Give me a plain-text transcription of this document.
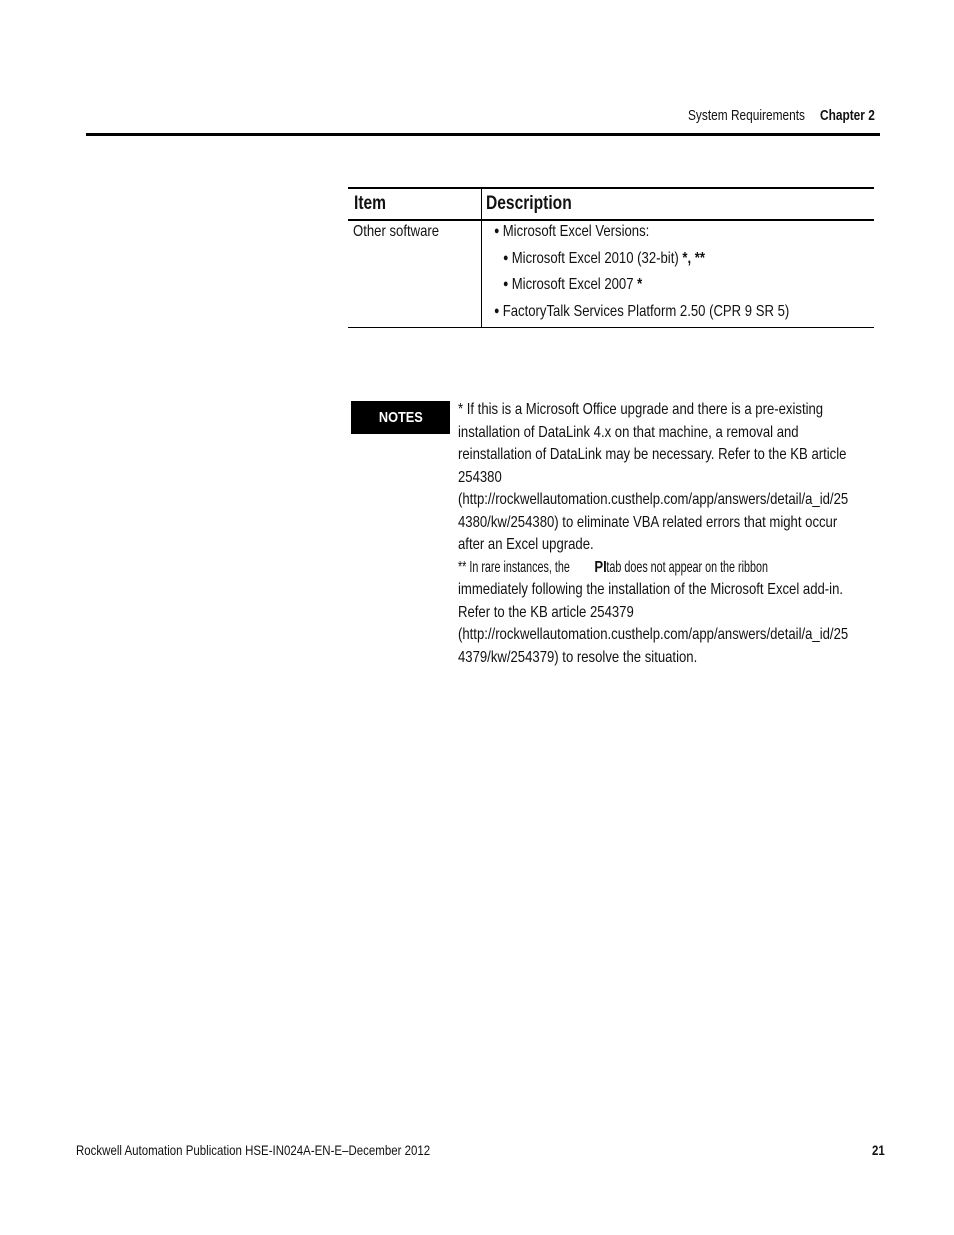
System Requirements	Chapter 2
Item	Description
Other software	● Microsoft Excel Versions:
● Microsoft Excel 2010 (32-bit) *, **
● Microsoft Excel 2007 *
● FactoryTalk Services Platform 2.50 (CPR 9 SR 5)
NOTES * If this is a Microsoft Office upgrade and there is a pre-existing
installation of DataLink 4.x on that machine, a removal and
reinstallation of DataLink may be necessary. Refer to the KB article
254380
(http://rockwellautomation.custhelp.com/app/answers/detail/a_id/25
4380/kw/254380) to eliminate VBA related errors that might occur
after an Excel upgrade.
** In rare instances, thePItab does not appear on the ribbon
immediately following the installation of the Microsoft Excel add-in.
Refer to the KB article 254379
(http://rockwellautomation.custhelp.com/app/answers/detail/a_id/25
4379/kw/254379) to resolve the situation.
Rockwell Automation Publication HSE-IN024A-EN-E–December 2012	21
